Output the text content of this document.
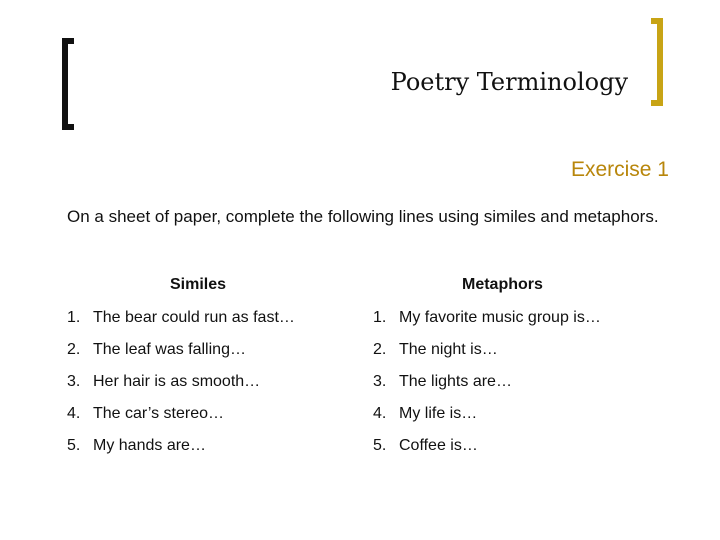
Poetry Terminology
Exercise 1

On a sheet of paper, complete the following lines using similes and metaphors.

Similes	Metaphors
1. The bear could run as fast…
2. The leaf was falling…
3. Her hair is as smooth…
4. The car’s stereo…
5. My hands are…
1. My favorite music group is…
2. The night is…
3. The lights are…
4. My life is…
5. Coffee is…
